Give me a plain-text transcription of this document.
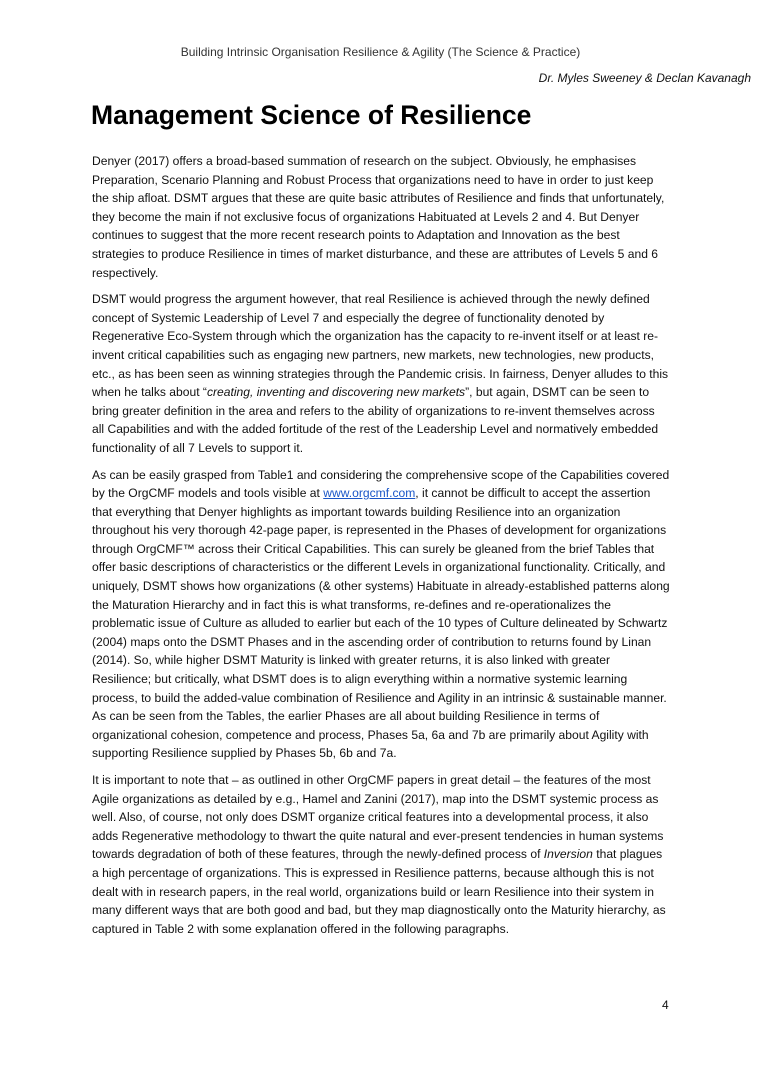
Building Intrinsic Organisation Resilience & Agility (The Science & Practice)
Dr. Myles Sweeney & Declan Kavanagh
Management Science of Resilience

Denyer (2017) offers a broad-based summation of research on the subject. Obviously, he emphasises Preparation, Scenario Planning and Robust Process that organizations need to have in order to just keep the ship afloat. DSMT argues that these are quite basic attributes of Resilience and finds that unfortunately, they become the main if not exclusive focus of organizations Habituated at Levels 2 and 4. But Denyer continues to suggest that the more recent research points to Adaptation and Innovation as the best strategies to produce Resilience in times of market disturbance, and these are attributes of Levels 5 and 6 respectively.

DSMT would progress the argument however, that real Resilience is achieved through the newly defined concept of Systemic Leadership of Level 7 and especially the degree of functionality denoted by Regenerative Eco-System through which the organization has the capacity to re-invent itself or at least re-invent critical capabilities such as engaging new partners, new markets, new technologies, new products, etc., as has been seen as winning strategies through the Pandemic crisis. In fairness, Denyer alludes to this when he talks about “creating, inventing and discovering new markets”, but again, DSMT can be seen to bring greater definition in the area and refers to the ability of organizations to re-invent themselves across all Capabilities and with the added fortitude of the rest of the Leadership Level and normatively embedded functionality of all 7 Levels to support it.

As can be easily grasped from Table1 and considering the comprehensive scope of the Capabilities covered by the OrgCMF models and tools visible at www.orgcmf.com, it cannot be difficult to accept the assertion that everything that Denyer highlights as important towards building Resilience into an organization throughout his very thorough 42-page paper, is represented in the Phases of development for organizations through OrgCMF™ across their Critical Capabilities. This can surely be gleaned from the brief Tables that offer basic descriptions of characteristics or the different Levels in organizational functionality. Critically, and uniquely, DSMT shows how organizations (& other systems) Habituate in already-established patterns along the Maturation Hierarchy and in fact this is what transforms, re-defines and re-operationalizes the problematic issue of Culture as alluded to earlier but each of the 10 types of Culture delineated by Schwartz (2004) maps onto the DSMT Phases and in the ascending order of contribution to returns found by Linan (2014). So, while higher DSMT Maturity is linked with greater returns, it is also linked with greater Resilience; but critically, what DSMT does is to align everything within a normative systemic learning process, to build the added-value combination of Resilience and Agility in an intrinsic & sustainable manner. As can be seen from the Tables, the earlier Phases are all about building Resilience in terms of organizational cohesion, competence and process, Phases 5a, 6a and 7b are primarily about Agility with supporting Resilience supplied by Phases 5b, 6b and 7a.

It is important to note that – as outlined in other OrgCMF papers in great detail – the features of the most Agile organizations as detailed by e.g., Hamel and Zanini (2017), map into the DSMT systemic process as well. Also, of course, not only does DSMT organize critical features into a developmental process, it also adds Regenerative methodology to thwart the quite natural and ever-present tendencies in human systems towards degradation of both of these features, through the newly-defined process of Inversion that plagues a high percentage of organizations. This is expressed in Resilience patterns, because although this is not dealt with in research papers, in the real world, organizations build or learn Resilience into their system in many different ways that are both good and bad, but they map diagnostically onto the Maturity hierarchy, as captured in Table 2 with some explanation offered in the following paragraphs.

4
